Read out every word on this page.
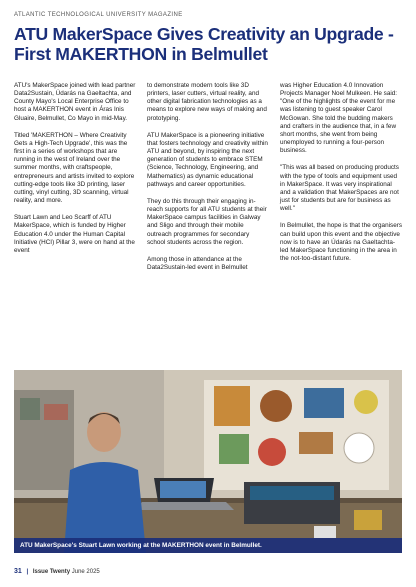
ATLANTIC TECHNOLOGICAL UNIVERSITY MAGAZINE
ATU MakerSpace Gives Creativity an Upgrade - First MAKERTHON in Belmullet

ATU's MakerSpace joined with lead partner Data2Sustain, Údarás na Gaeltachta, and County Mayo's Local Enterprise Office to host a MAKERTHON event in Áras Inis Gluaire, Belmullet, Co Mayo in mid-May.

Titled 'MAKERTHON – Where Creativity Gets a High-Tech Upgrade', this was the first in a series of workshops that are running in the west of Ireland over the summer months, with craftspeople, entrepreneurs and artists invited to explore cutting-edge tools like 3D printing, laser cutting, vinyl cutting, 3D scanning, virtual reality, and more.

Stuart Lawn and Leo Scarff of ATU MakerSpace, which is funded by Higher Education 4.0 under the Human Capital Initiative (HCI) Pillar 3, were on hand at the event

to demonstrate modern tools like 3D printers, laser cutters, virtual reality, and other digital fabrication technologies as a means to explore new ways of making and prototyping.

ATU MakerSpace is a pioneering initiative that fosters technology and creativity within ATU and beyond, by inspiring the next generation of students to embrace STEM (Science, Technology, Engineering, and Mathematics) as dynamic educational pathways and career opportunities.

They do this through their engaging in-reach supports for all ATU students at their MakerSpace campus facilities in Galway and Sligo and through their mobile outreach programmes for secondary school students across the region.

Among those in attendance at the Data2Sustain-led event in Belmullet

was Higher Education 4.0 Innovation Projects Manager Noel Mulkeen. He said: "One of the highlights of the event for me was listening to guest speaker Carol McGowan. She told the budding makers and crafters in the audience that, in a few short months, she went from being unemployed to running a four-person business.

"This was all based on producing products with the type of tools and equipment used in MakerSpace. It was very inspirational and a validation that MakerSpaces are not just for students but are for business as well."

In Belmullet, the hope is that the organisers can build upon this event and the objective now is to have an Údarás na Gaeltachta-led MakerSpace functioning in the area in the not-too-distant future.

ATU MakerSpace's Stuart Lawn working at the MAKERTHON event in Belmullet.
31 | Issue Twenty June 2025
